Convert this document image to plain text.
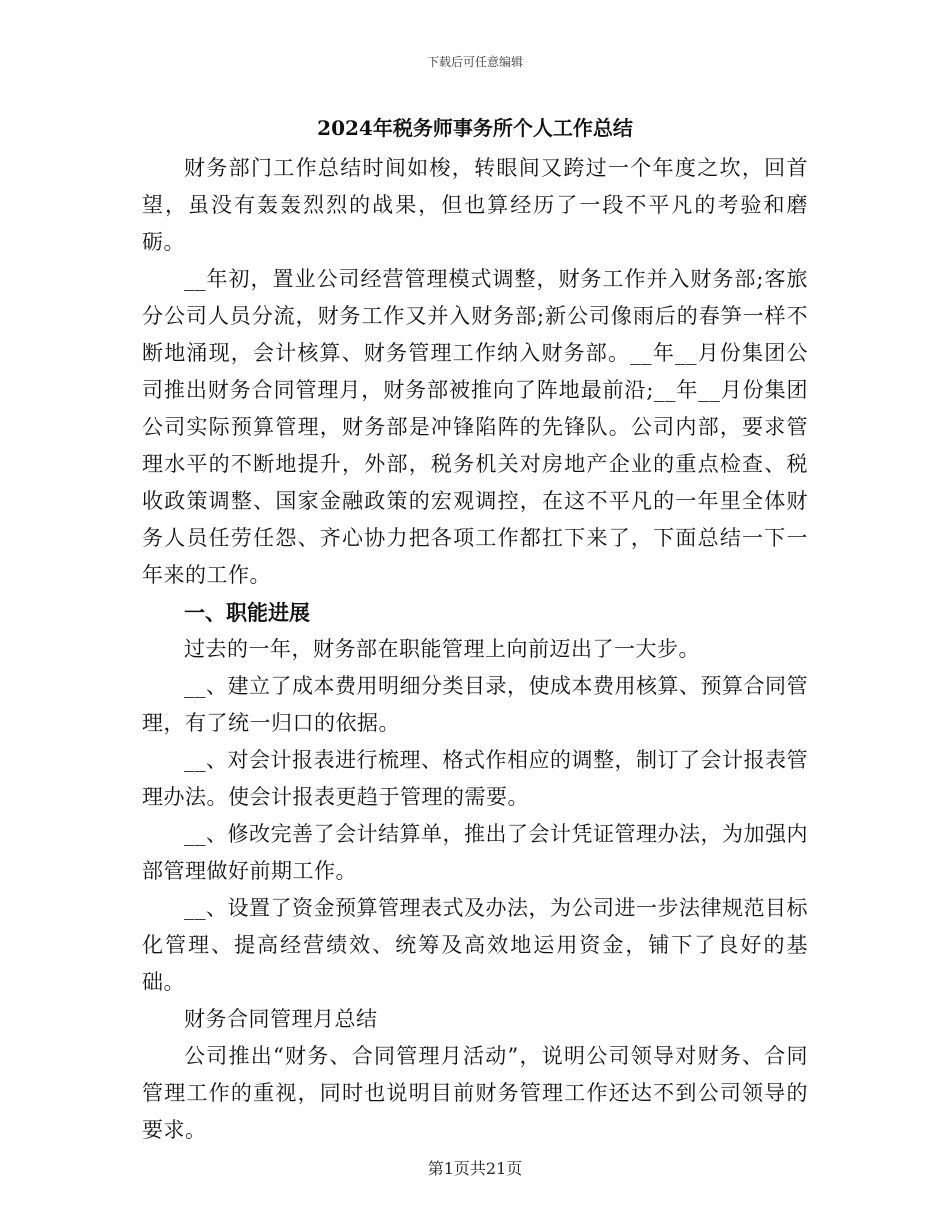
下载后可任意编辑
2024年税务师事务所个人工作总结

财务部门工作总结时间如梭，转眼间又跨过一个年度之坎，回首望，虽没有轰轰烈烈的战果，但也算经历了一段不平凡的考验和磨砺。

__年初，置业公司经营管理模式调整，财务工作并入财务部;客旅分公司人员分流，财务工作又并入财务部;新公司像雨后的春笋一样不断地涌现，会计核算、财务管理工作纳入财务部。__年__月份集团公司推出财务合同管理月，财务部被推向了阵地最前沿;__年__月份集团公司实际预算管理，财务部是冲锋陷阵的先锋队。公司内部，要求管理水平的不断地提升，外部，税务机关对房地产企业的重点检查、税收政策调整、国家金融政策的宏观调控，在这不平凡的一年里全体财务人员任劳任怨、齐心协力把各项工作都扛下来了，下面总结一下一年来的工作。

一、职能进展

过去的一年，财务部在职能管理上向前迈出了一大步。

__、建立了成本费用明细分类目录，使成本费用核算、预算合同管理，有了统一归口的依据。

__、对会计报表进行梳理、格式作相应的调整，制订了会计报表管理办法。使会计报表更趋于管理的需要。

__、修改完善了会计结算单，推出了会计凭证管理办法，为加强内部管理做好前期工作。

__、设置了资金预算管理表式及办法，为公司进一步法律规范目标化管理、提高经营绩效、统筹及高效地运用资金，铺下了良好的基础。

财务合同管理月总结

公司推出“财务、合同管理月活动”，说明公司领导对财务、合同管理工作的重视，同时也说明目前财务管理工作还达不到公司领导的要求。

第1页共21页
